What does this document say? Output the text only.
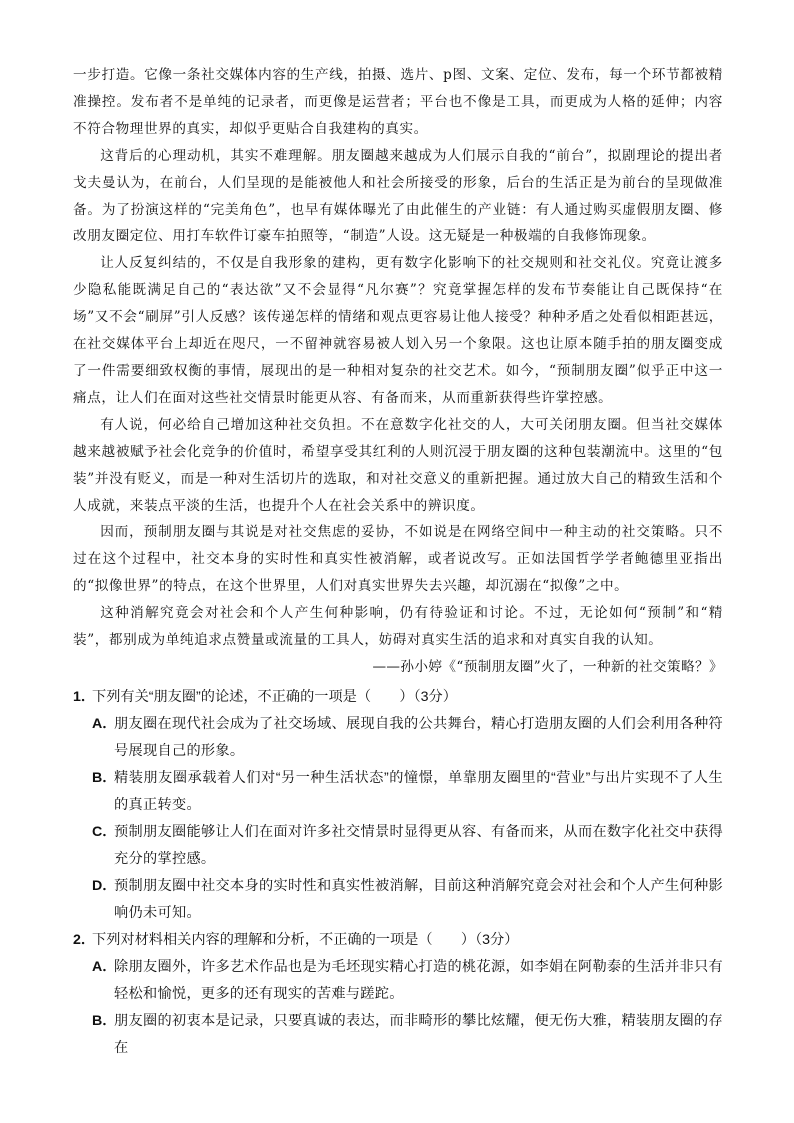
一步打造。它像一条社交媒体内容的生产线，拍摄、选片、p图、文案、定位、发布，每一个环节都被精准操控。发布者不是单纯的记录者，而更像是运营者；平台也不像是工具，而更成为人格的延伸；内容不符合物理世界的真实，却似乎更贴合自我建构的真实。

这背后的心理动机，其实不难理解。朋友圈越来越成为人们展示自我的“前台”，拟剧理论的提出者戈夫曼认为，在前台，人们呈现的是能被他人和社会所接受的形象，后台的生活正是为前台的呈现做准备。为了扮演这样的“完美角色”，也早有媒体曝光了由此催生的产业链：有人通过购买虚假朋友圈、修改朋友圈定位、用打车软件订豪车拍照等，“制造”人设。这无疑是一种极端的自我修饰现象。

让人反复纠结的，不仅是自我形象的建构，更有数字化影响下的社交规则和社交礼仪。究竟让渡多少隐私能既满足自己的“表达欲”又不会显得“凡尔赛”？究竟掌握怎样的发布节奏能让自己既保持“在场”又不会“刷屏”引人反感？该传递怎样的情绪和观点更容易让他人接受？种种矛盾之处看似相距甚远，在社交媒体平台上却近在咫尺，一不留神就容易被人划入另一个象限。这也让原本随手拍的朋友圈变成了一件需要细致权衡的事情，展现出的是一种相对复杂的社交艺术。如今，“预制朋友圈”似乎正中这一痛点，让人们在面对这些社交情景时能更从容、有备而来，从而重新获得些许掌控感。

有人说，何必给自己增加这种社交负担。不在意数字化社交的人，大可关闭朋友圈。但当社交媒体越来越被赋予社会化竞争的价值时，希望享受其红利的人则沉浸于朋友圈的这种包装潮流中。这里的“包装”并没有贬义，而是一种对生活切片的选取，和对社交意义的重新把握。通过放大自己的精致生活和个人成就，来装点平淡的生活，也提升个人在社会关系中的辨识度。

因而，预制朋友圈与其说是对社交焦虑的妥协，不如说是在网络空间中一种主动的社交策略。只不过在这个过程中，社交本身的实时性和真实性被消解，或者说改写。正如法国哲学学者鲍德里亚指出的“拟像世界”的特点，在这个世界里，人们对真实世界失去兴趣，却沉溺在“拟像”之中。

这种消解究竟会对社会和个人产生何种影响，仍有待验证和讨论。不过，无论如何“预制”和“精装”，都别成为单纯追求点赞量或流量的工具人，妨碍对真实生活的追求和对真实自我的认知。

——孙小婷《“预制朋友圈”火了，一种新的社交策略？》

1．
下列有关“朋友圈”的论述，不正确的一项是（　　）（3分）
A．
朋友圈在现代社会成为了社交场域、展现自我的公共舞台，精心打造朋友圈的人们会利用各种符号展现自己的形象。
B．
精装朋友圈承载着人们对“另一种生活状态”的憧憬，单靠朋友圈里的“营业”与出片实现不了人生的真正转变。
C．
预制朋友圈能够让人们在面对许多社交情景时显得更从容、有备而来，从而在数字化社交中获得充分的掌控感。
D．
预制朋友圈中社交本身的实时性和真实性被消解，目前这种消解究竟会对社会和个人产生何种影响仍未可知。
2．
下列对材料相关内容的理解和分析，不正确的一项是（　　）（3分）
A．
除朋友圈外，许多艺术作品也是为毛坯现实精心打造的桃花源，如李娟在阿勒泰的生活并非只有轻松和愉悦，更多的还有现实的苦难与蹉跎。
B．
朋友圈的初衷本是记录，只要真诚的表达，而非畸形的攀比炫耀，便无伤大雅，精装朋友圈的存在
